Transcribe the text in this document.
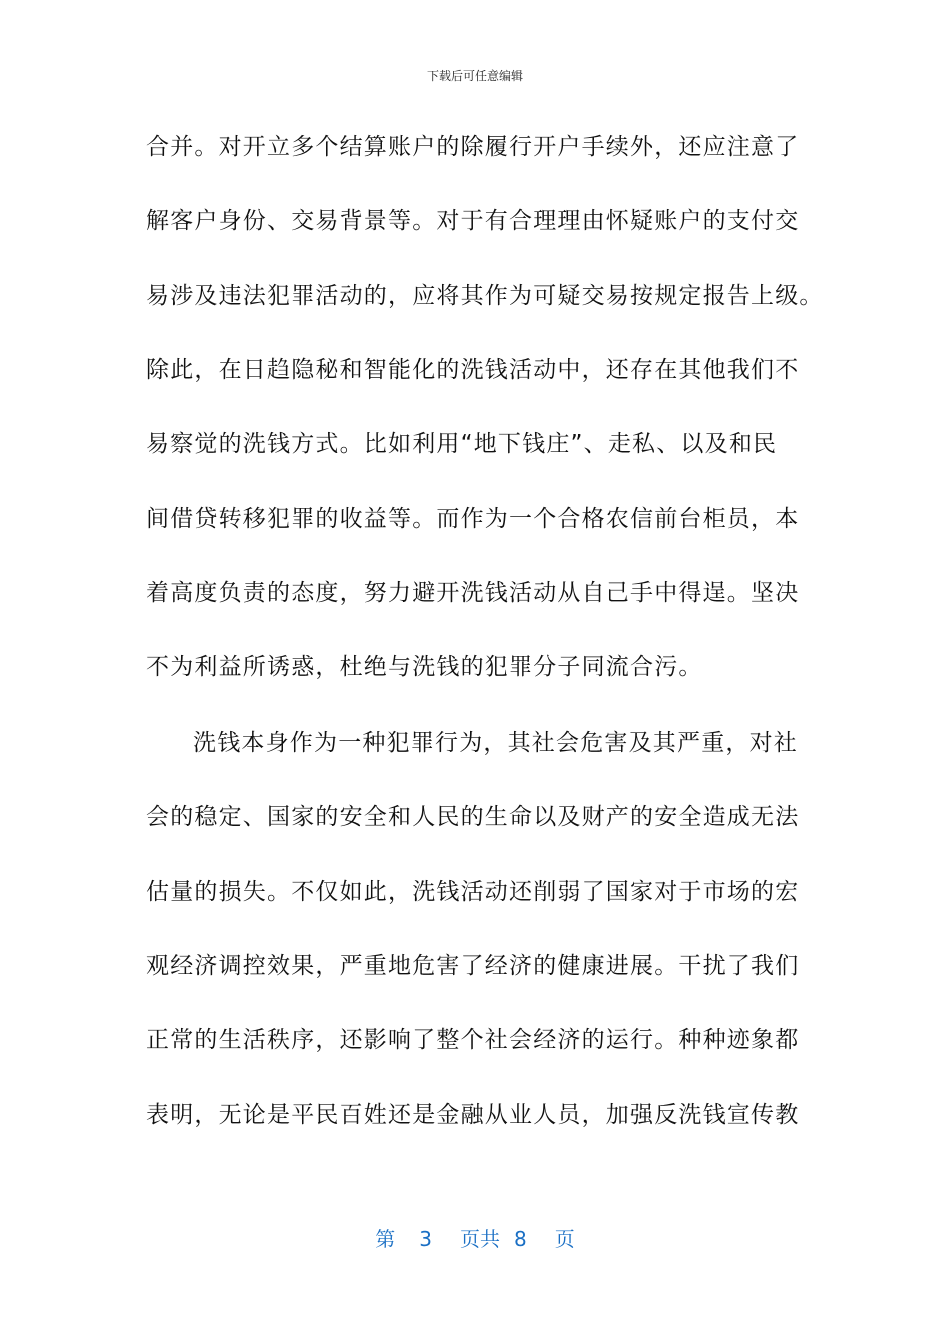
下载后可任意编辑
合并。对开立多个结算账户的除履行开户手续外，还应注意了
解客户身份、交易背景等。对于有合理理由怀疑账户的支付交
易涉及违法犯罪活动的，应将其作为可疑交易按规定报告上级。
除此，在日趋隐秘和智能化的洗钱活动中，还存在其他我们不
易察觉的洗钱方式。比如利用“地下钱庄”、走私、以及和民
间借贷转移犯罪的收益等。而作为一个合格农信前台柜员，本
着高度负责的态度，努力避开洗钱活动从自己手中得逞。坚决
不为利益所诱惑，杜绝与洗钱的犯罪分子同流合污。
洗钱本身作为一种犯罪行为，其社会危害及其严重，对社
会的稳定、国家的安全和人民的生命以及财产的安全造成无法
估量的损失。不仅如此，洗钱活动还削弱了国家对于市场的宏
观经济调控效果，严重地危害了经济的健康进展。干扰了我们
正常的生活秩序，还影响了整个社会经济的运行。种种迹象都
表明，无论是平民百姓还是金融从业人员，加强反洗钱宣传教
第 3 页共 8 页
